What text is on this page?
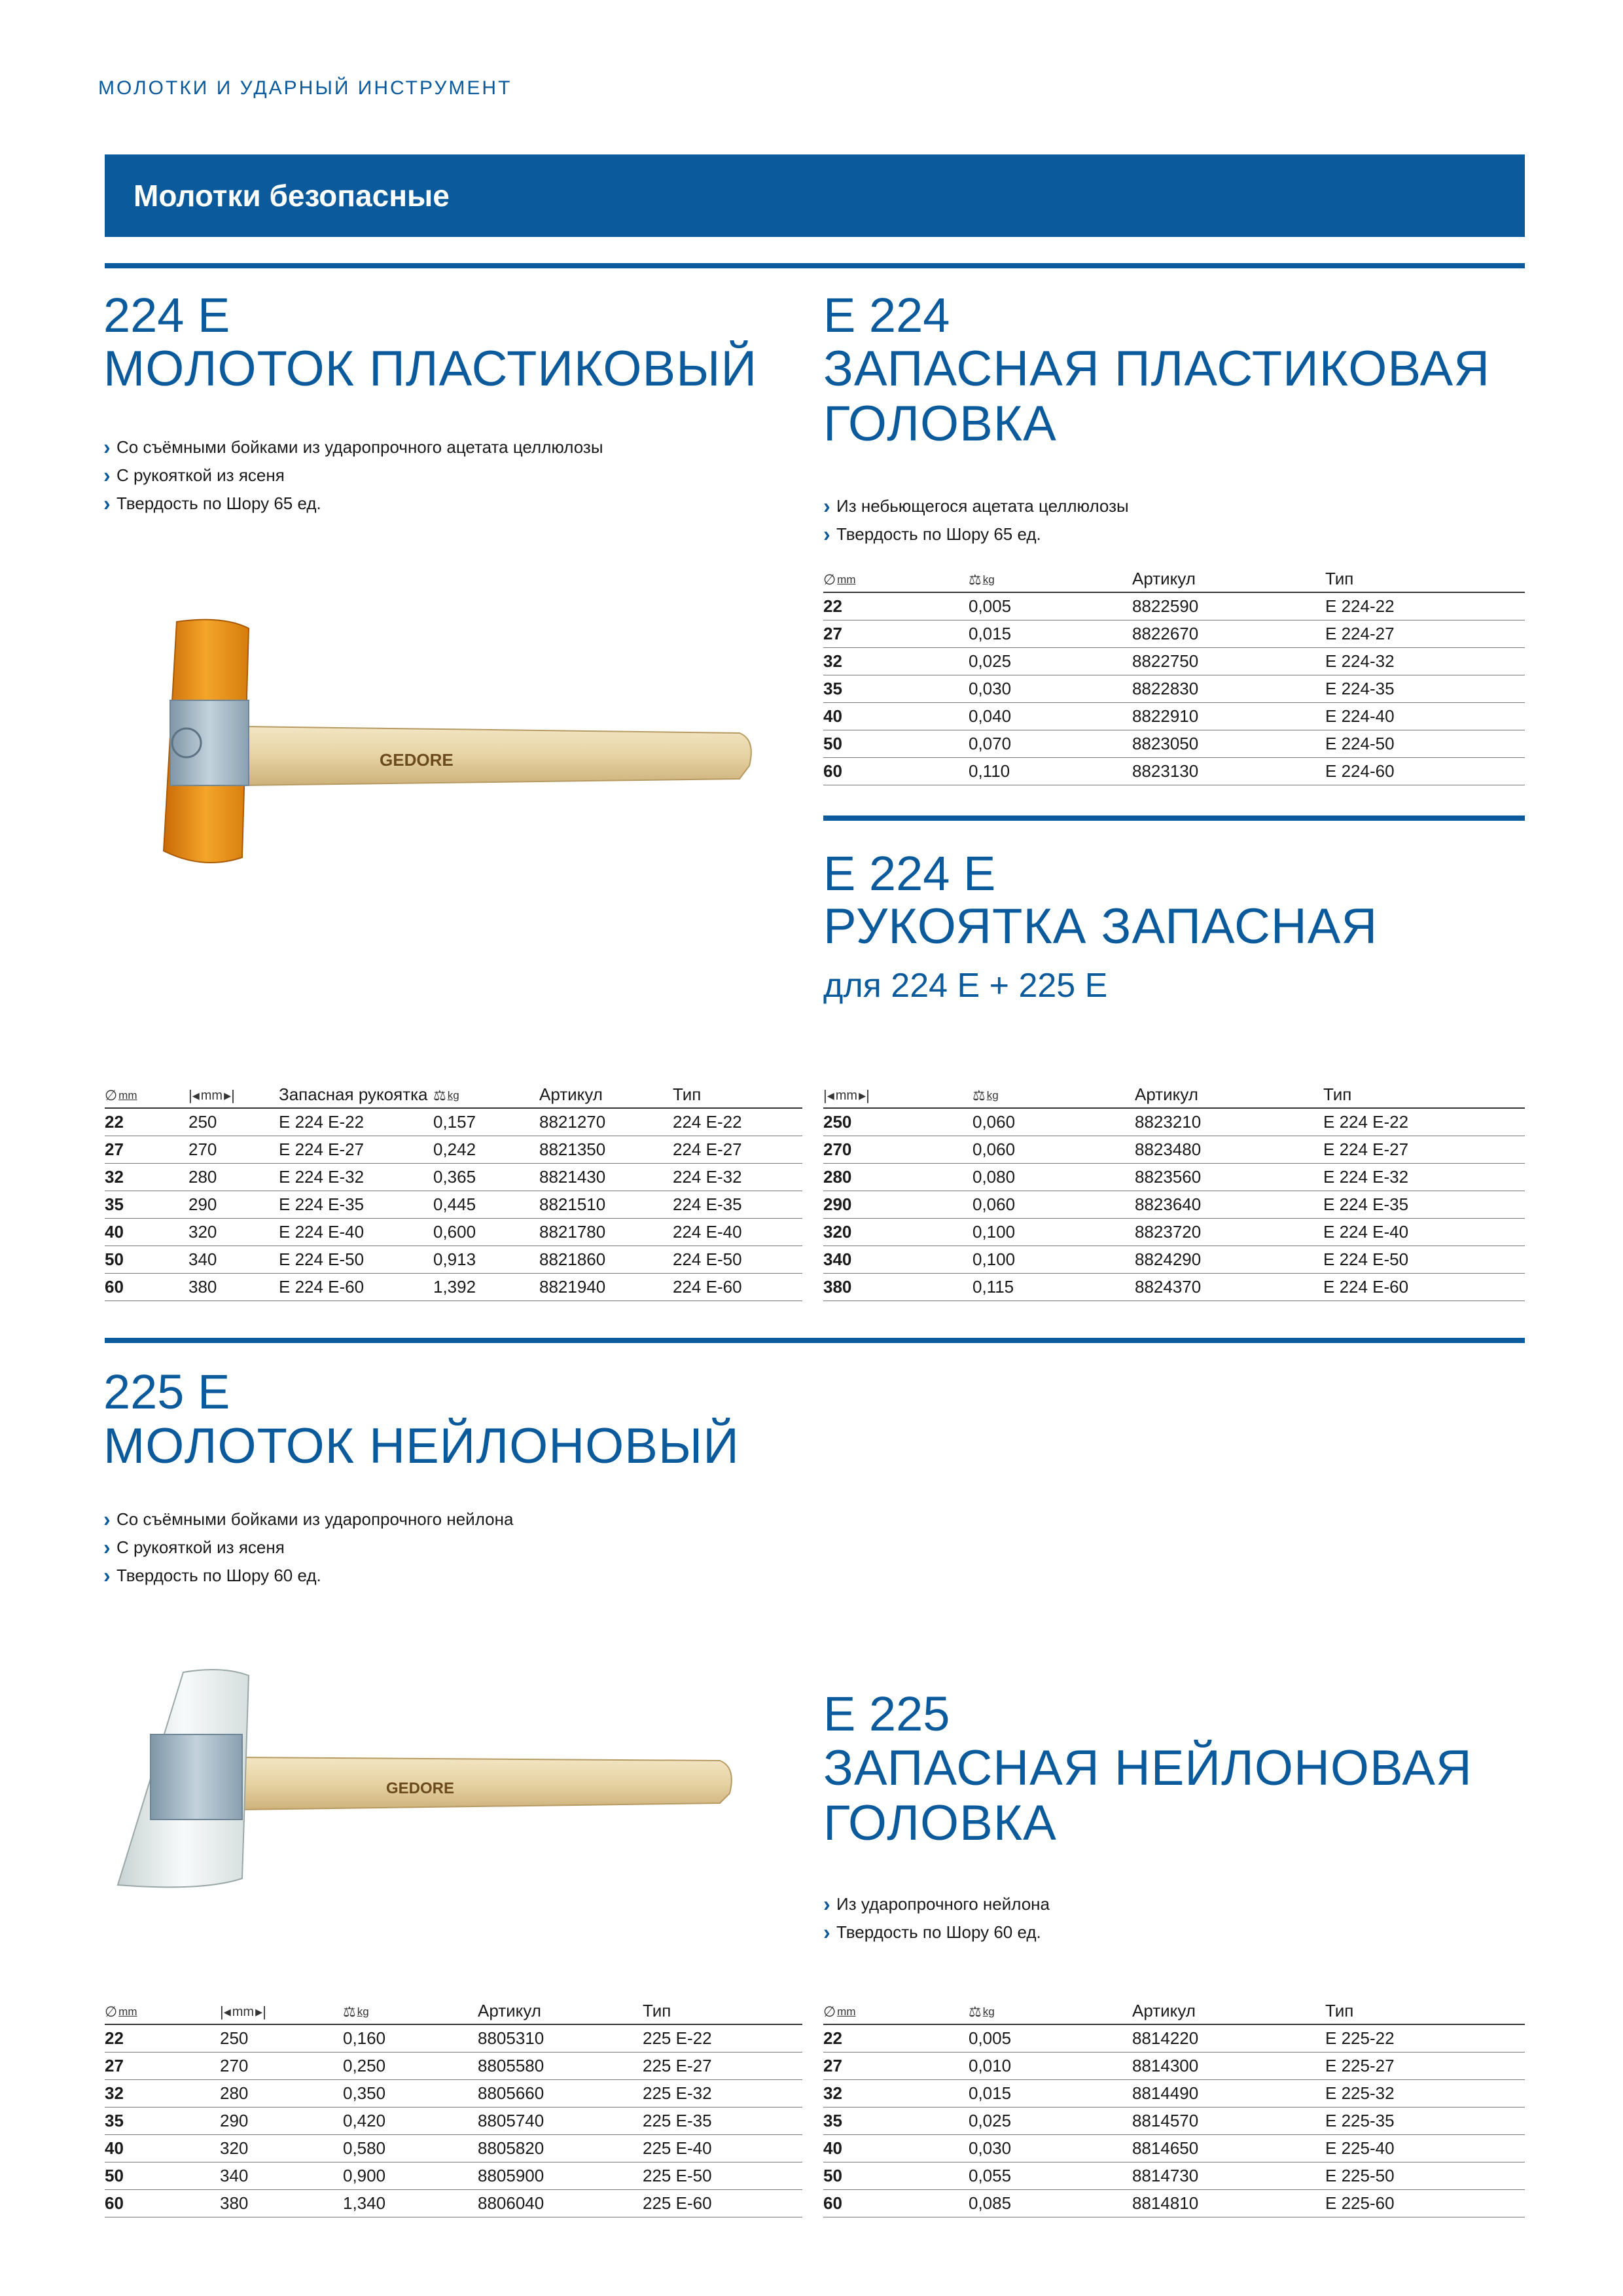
МОЛОТКИ И УДАРНЫЙ ИНСТРУМЕНТ
Молотки безопасные
224 E
МОЛОТОК ПЛАСТИКОВЫЙ
› Со съёмными бойками из ударопрочного ацетата целлюлозы
› С рукояткой из ясеня
› Твердость по Шору 65 ед.
GEDORE
E 224
ЗАПАСНАЯ ПЛАСТИКОВАЯ
ГОЛОВКА
› Из небьющегося ацетата целлюлозы
› Твердость по Шору 65 ед.
∅ mm	⚖ kg	Артикул	Тип
22	0,005	8822590	E 224-22
27	0,015	8822670	E 224-27
32	0,025	8822750	E 224-32
35	0,030	8822830	E 224-35
40	0,040	8822910	E 224-40
50	0,070	8823050	E 224-50
60	0,110	8823130	E 224-60
E 224 E
РУКОЯТКА ЗАПАСНАЯ
для 224 E + 225 E
∅ mm	|◂ mm ▸|	Запасная рукоятка	⚖ kg	Артикул	Тип
22	250	E 224 E-22	0,157	8821270	224 E-22
27	270	E 224 E-27	0,242	8821350	224 E-27
32	280	E 224 E-32	0,365	8821430	224 E-32
35	290	E 224 E-35	0,445	8821510	224 E-35
40	320	E 224 E-40	0,600	8821780	224 E-40
50	340	E 224 E-50	0,913	8821860	224 E-50
60	380	E 224 E-60	1,392	8821940	224 E-60
|◂ mm ▸|	⚖ kg	Артикул	Тип
250	0,060	8823210	E 224 E-22
270	0,060	8823480	E 224 E-27
280	0,080	8823560	E 224 E-32
290	0,060	8823640	E 224 E-35
320	0,100	8823720	E 224 E-40
340	0,100	8824290	E 224 E-50
380	0,115	8824370	E 224 E-60
225 E
МОЛОТОК НЕЙЛОНОВЫЙ
› Со съёмными бойками из ударопрочного нейлона
› С рукояткой из ясеня
› Твердость по Шору 60 ед.
GEDORE
E 225
ЗАПАСНАЯ НЕЙЛОНОВАЯ
ГОЛОВКА
› Из ударопрочного нейлона
› Твердость по Шору 60 ед.
∅ mm	|◂ mm ▸|	⚖ kg	Артикул	Тип
22	250	0,160	8805310	225 E-22
27	270	0,250	8805580	225 E-27
32	280	0,350	8805660	225 E-32
35	290	0,420	8805740	225 E-35
40	320	0,580	8805820	225 E-40
50	340	0,900	8805900	225 E-50
60	380	1,340	8806040	225 E-60
∅ mm	⚖ kg	Артикул	Тип
22	0,005	8814220	E 225-22
27	0,010	8814300	E 225-27
32	0,015	8814490	E 225-32
35	0,025	8814570	E 225-35
40	0,030	8814650	E 225-40
50	0,055	8814730	E 225-50
60	0,085	8814810	E 225-60
